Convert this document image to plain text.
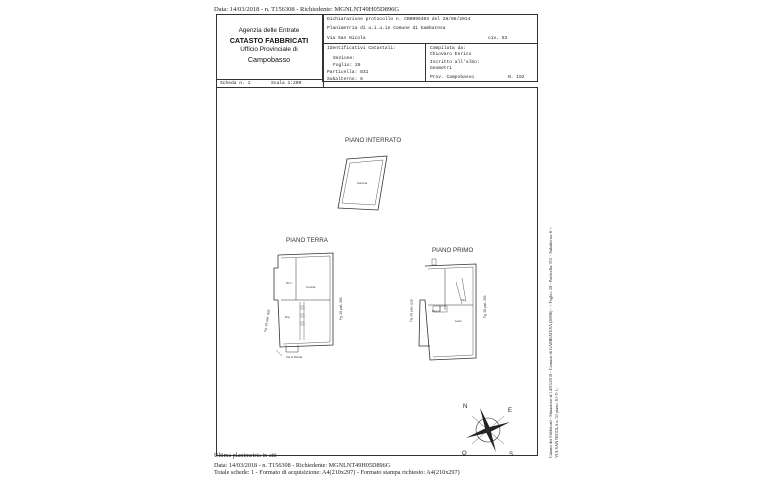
Data: 14/03/2018 - n. T156308 - Richiedente: MGNLNT49H05D896G
Agenzia delle Entrate
CATASTO FABBRICATI
Ufficio Provinciale di
Campobasso
Dichiarazione protocollo n. CB0095403 del 28/08/2014
Planimetria di u.i.u.in Comune di Gambatesa
Via San Nicola	civ. 53
Identificativi Catastali:
Sezione:
Foglio: 28
Particella: 831
Subalterno: 6
Compilata da:
Chiovaro Enrico
Iscritto all'albo:
Geometri
Prov. Campobasso	N. 192
Scheda n. 1	Scala 1:200
PIANO INTERRATO
PIANO TERRA
PIANO PRIMO
Cantina
W.C.
Cucina
Rip.
Via S.Nicola
Fg. 28 part. 829
Fg. 28 part. 289	Bagno
Letto
Rip.
Fg. 28 part. 829	Fg. 28 part. 289
N
E
O	S	Catasto dei Fabbricati - Situazione al 14/03/2018 - Comune di GAMBATESA (D896) - < Foglio: 28 - Particella: 831 - Subalterno: 6 > VIA SAN NICOLA n. 53 piano: S1-T-1;
Ultima planimetria in atti
Data: 14/03/2018 - n. T156308 - Richiedente: MGNLNT49H05D896G
Totale schede: 1 - Formato di acquisizione: A4(210x297) - Formato stampa richiesto: A4(210x297)
